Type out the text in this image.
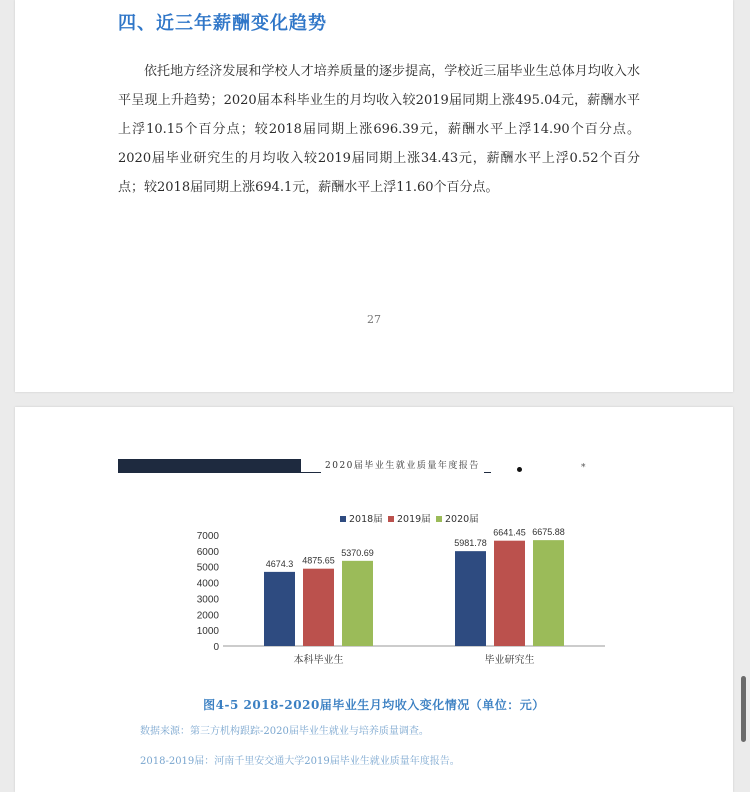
四、近三年薪酬变化趋势

依托地方经济发展和学校人才培养质量的逐步提高，学校近三届毕业生总体月均收入水平呈现上升趋势；2020届本科毕业生的月均收入较2019届同期上涨495.04元，薪酬水平上浮10.15个百分点；较2018届同期上涨696.39元，薪酬水平上浮14.90个百分点。2020届毕业研究生的月均收入较2019届同期上涨34.43元，薪酬水平上浮0.52个百分点；较2018届同期上涨694.1元，薪酬水平上浮11.60个百分点。

27
2020届毕业生就业质量年度报告	*
0
1000
2000
3000
4000
5000
6000
7000
4674.3 4875.65
5370.69
本科毕业生
5981.78
6641.45 6675.88
毕业研究生
2018届 2019届 2020届

图4-5 2018-2020届毕业生月均收入变化情况（单位：元）

数据来源：第三方机构跟踪-2020届毕业生就业与培养质量调查。

2018-2019届：河南千里安交通大学2019届毕业生就业质量年度报告。
